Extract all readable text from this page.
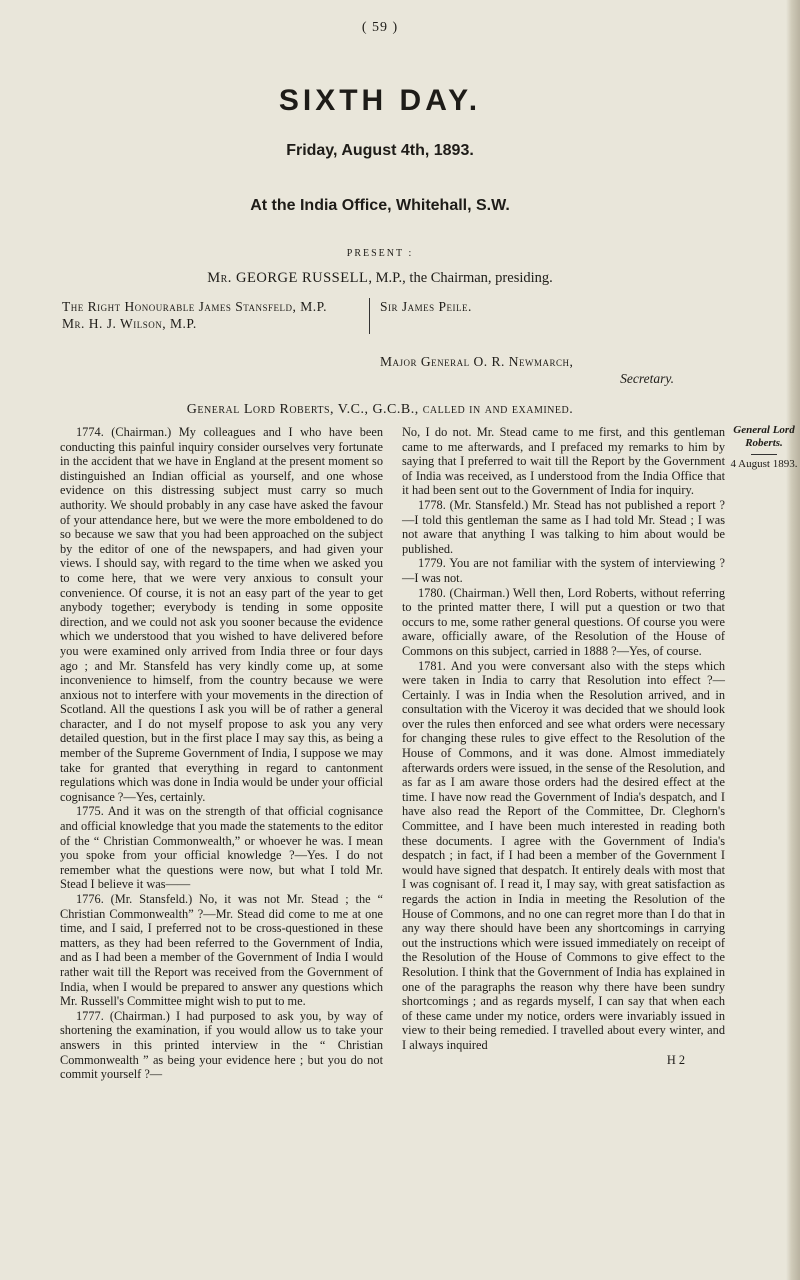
( 59 )
SIXTH DAY.
Friday, August 4th, 1893.
At the India Office, Whitehall, S.W.
PRESENT :
Mr. GEORGE RUSSELL, M.P., the Chairman, presiding.
The Right Honourable James Stansfeld, M.P.
Mr. H. J. Wilson, M.P.
Sir James Peile.
Major General O. R. Newmarch,
Secretary.
General Lord Roberts, V.C., G.C.B., called in and examined.

1774. (Chairman.) My colleagues and I who have been conducting this painful inquiry consider ourselves very fortunate in the accident that we have in England at the present moment so distinguished an Indian official as yourself, and one whose evidence on this distressing subject must carry so much authority. We should probably in any case have asked the favour of your attendance here, but we were the more emboldened to do so because we saw that you had been approached on the subject by the editor of one of the newspapers, and had given your views. I should say, with regard to the time when we asked you to come here, that we were very anxious to consult your convenience. Of course, it is not an easy part of the year to get anybody together; everybody is tending in some opposite direction, and we could not ask you sooner because the evidence which we understood that you wished to have delivered before you were examined only arrived from India three or four days ago ; and Mr. Stansfeld has very kindly come up, at some inconvenience to himself, from the country because we were anxious not to interfere with your movements in the direction of Scotland. All the questions I ask you will be of rather a general character, and I do not myself propose to ask you any very detailed question, but in the first place I may say this, as being a member of the Supreme Government of India, I suppose we may take for granted that everything in regard to cantonment regulations which was done in India would be under your official cognisance ?—Yes, certainly.

1775. And it was on the strength of that official cognisance and official knowledge that you made the statements to the editor of the “ Christian Commonwealth,” or whoever he was. I mean you spoke from your official knowledge ?—Yes. I do not remember what the questions were now, but what I told Mr. Stead I believe it was——

1776. (Mr. Stansfeld.) No, it was not Mr. Stead ; the “ Christian Commonwealth” ?—Mr. Stead did come to me at one time, and I said, I preferred not to be cross-questioned in these matters, as they had been referred to the Government of India, and as I had been a member of the Government of India I would rather wait till the Report was received from the Government of India, when I would be prepared to answer any questions which Mr. Russell's Committee might wish to put to me.

1777. (Chairman.) I had purposed to ask you, by way of shortening the examination, if you would allow us to take your answers in this printed interview in the “ Christian Commonwealth ” as being your evidence here ; but you do not commit yourself ?—

No, I do not. Mr. Stead came to me first, and this gentleman came to me afterwards, and I prefaced my remarks to him by saying that I preferred to wait till the Report by the Government of India was received, as I understood from the India Office that it had been sent out to the Government of India for inquiry.

1778. (Mr. Stansfeld.) Mr. Stead has not published a report ?—I told this gentleman the same as I had told Mr. Stead ; I was not aware that anything I was talking to him about would be published.

1779. You are not familiar with the system of interviewing ?—I was not.

1780. (Chairman.) Well then, Lord Roberts, without referring to the printed matter there, I will put a question or two that occurs to me, some rather general questions. Of course you were aware, officially aware, of the Resolution of the House of Commons on this subject, carried in 1888 ?—Yes, of course.

1781. And you were conversant also with the steps which were taken in India to carry that Resolution into effect ?—Certainly. I was in India when the Resolution arrived, and in consultation with the Viceroy it was decided that we should look over the rules then enforced and see what orders were necessary for changing these rules to give effect to the Resolution of the House of Commons, and it was done. Almost immediately afterwards orders were issued, in the sense of the Resolution, and as far as I am aware those orders had the desired effect at the time. I have now read the Government of India's despatch, and I have also read the Report of the Committee, Dr. Cleghorn's Committee, and I have been much interested in reading both these documents. I agree with the Government of India's despatch ; in fact, if I had been a member of the Government I would have signed that despatch. It entirely deals with most that I was cognisant of. I read it, I may say, with great satisfaction as regards the action in India in meeting the Resolution of the House of Commons, and no one can regret more than I do that in any way there should have been any shortcomings in carrying out the instructions which were issued immediately on receipt of the Resolution of the House of Commons to give effect to the Resolution. I think that the Government of India has explained in one of the paragraphs the reason why there have been sundry shortcomings ; and as regards myself, I can say that when each of these came under my notice, orders were invariably issued in view to their being remedied. I travelled about every winter, and I always inquired

H 2
General Lord Roberts.
4 August 1893.
